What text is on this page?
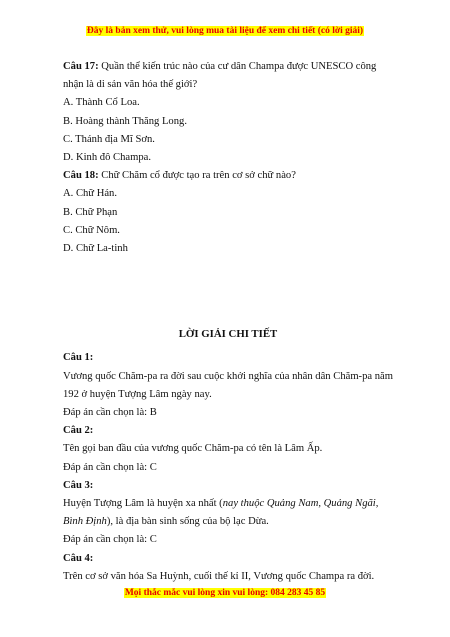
Đây là bản xem thử, vui lòng mua tài liệu để xem chi tiết (có lời giải)

Câu 17: Quần thể kiến trúc nào của cư dân Champa được UNESCO công nhận là di sản văn hóa thế giới?

A. Thành Cổ Loa.

B. Hoàng thành Thăng Long.

C. Thánh địa Mĩ Sơn.

D. Kinh đô Champa.

Câu 18: Chữ Chăm cổ được tạo ra trên cơ sở chữ nào?

A. Chữ Hán.

B. Chữ Phạn

C. Chữ Nôm.

D. Chữ La-tinh

LỜI GIẢI CHI TIẾT

Câu 1:

Vương quốc Chăm-pa ra đời sau cuộc khởi nghĩa của nhân dân Chăm-pa năm 192 ở huyện Tượng Lâm ngày nay.

Đáp án cần chọn là: B

Câu 2:

Tên gọi ban đầu của vương quốc Chăm-pa có tên là Lâm Ấp.

Đáp án cần chọn là: C

Câu 3:

Huyện Tượng Lâm là huyện xa nhất (nay thuộc Quảng Nam, Quảng Ngãi, Bình Định), là địa bàn sinh sống của bộ lạc Dừa.

Đáp án cần chọn là: C

Câu 4:

Trên cơ sở văn hóa Sa Huỳnh, cuối thế kỉ II, Vương quốc Champa ra đời.

Mọi thắc mắc vui lòng xin vui lòng: 084 283 45 85
